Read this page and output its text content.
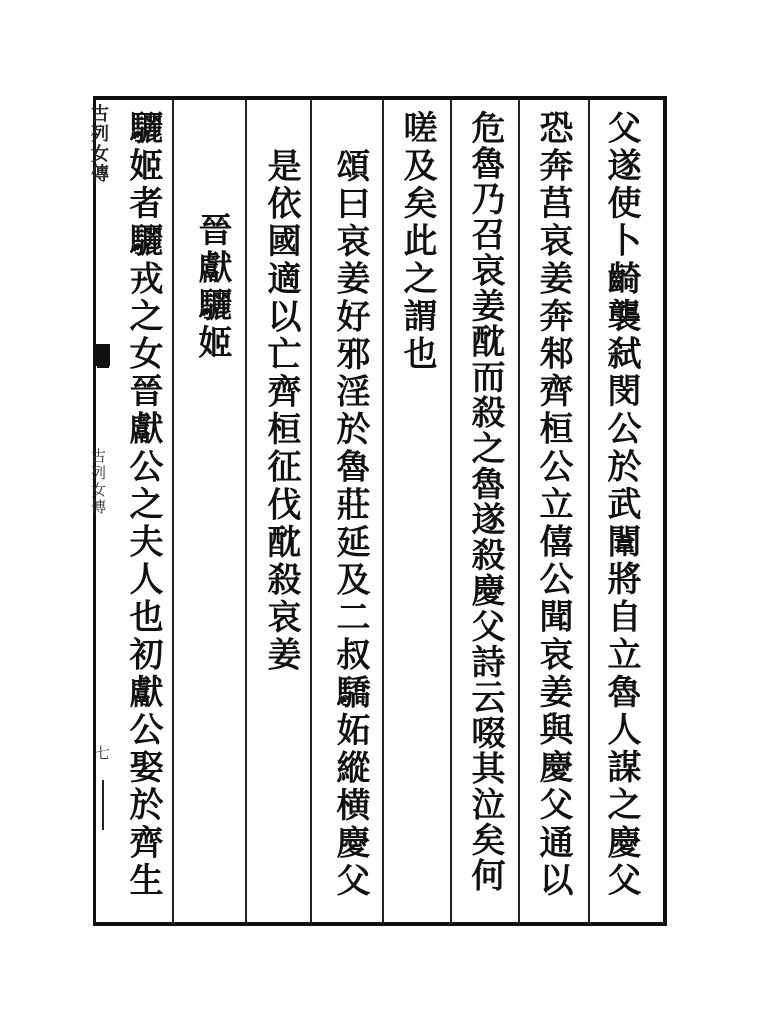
父遂使卜齮襲弑閔公於武闈將自立魯人謀之慶父
恐奔莒哀姜奔邾齊桓公立僖公聞哀姜與慶父通以
危魯乃召哀姜酖而殺之魯遂殺慶父詩云啜其泣矣何
嗟及矣此之謂也
頌曰哀姜好邪淫於魯莊延及二叔驕妬縱横慶父
是依國適以亡齊桓征伐酖殺哀姜
晉獻驪姬
驪姬者驪戎之女晉獻公之夫人也初獻公娶於齊生
古列女傳
古列女傳
七
